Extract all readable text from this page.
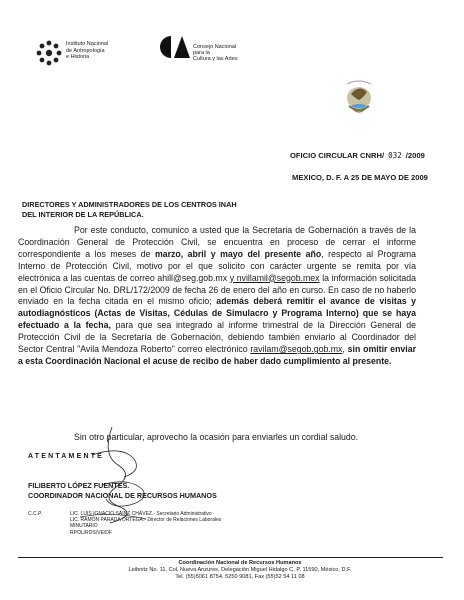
Instituto Nacional
de Antropología
e Historia
Consejo Nacional
para la
Cultura y las Artes
OFICIO CIRCULAR CNRH/ 032 /2009
MEXICO, D. F. A 25 DE MAYO DE 2009
DIRECTORES Y ADMINISTRADORES DE LOS CENTROS INAH
DEL INTERIOR DE LA REPÚBLICA.
Por este conducto, comunico a usted que la Secretaria de Gobernación a través de la Coordinación General de Protección Civil, se encuentra en proceso de cerrar el informe correspondiente a los meses de marzo, abril y mayo del presente año, respecto al Programa Interno de Protección Civil, motivo por el que solicito con carácter urgente se remita por vía electrónica a las cuentas de correo ahill@seg.gob.mx y nvillamil@segob.mex la información solicitada en el Oficio Circular No. DRL/172/2009 de fecha 26 de enero del año en curso. En caso de no haberlo enviado en la fecha citada en el mismo oficio; además deberá remitir el avance de visitas y autodiagnósticos (Actas de Visitas, Cédulas de Simulacro y Programa Interno) que se haya efectuado a la fecha, para que sea integrado al informe trimestral de la Dirección General de Protección Civil de la Secretaría de Gobernación, debiendo también enviarlo al Coordinador del Sector Central "Avila Mendoza Roberto" correo electrónico ravilam@segob.gob.mx, sin omitir enviar a esta Coordinación Nacional el acuse de recibo de haber dado cumplimiento al presente.
Sin otro particular, aprovecho la ocasión para enviarles un cordial saludo.
ATENTAMENTE
FILIBERTO LÓPEZ FUENTES.
COORDINADOR NACIONAL DE RECURSOS HUMANOS
C.C.P.	LIC. LUIS IGNACIO SÁINZ CHÁVEZ.- Secretario Administrativo
LIC. RAMÓN PARADA ORTEGA.- Director de Relaciones Laborales
MINUTARIO
RPOL/ROS/VE/DF
Coordinación Nacional de Recursos Humanos
Leibnitz No. 11, Col. Nueva Anzures, Delegación Miguel Hidalgo C. P. 11590, México, D.F.
Tel. (55)5061 8754, 5250 9081, Fax (55)52 54 11 08
